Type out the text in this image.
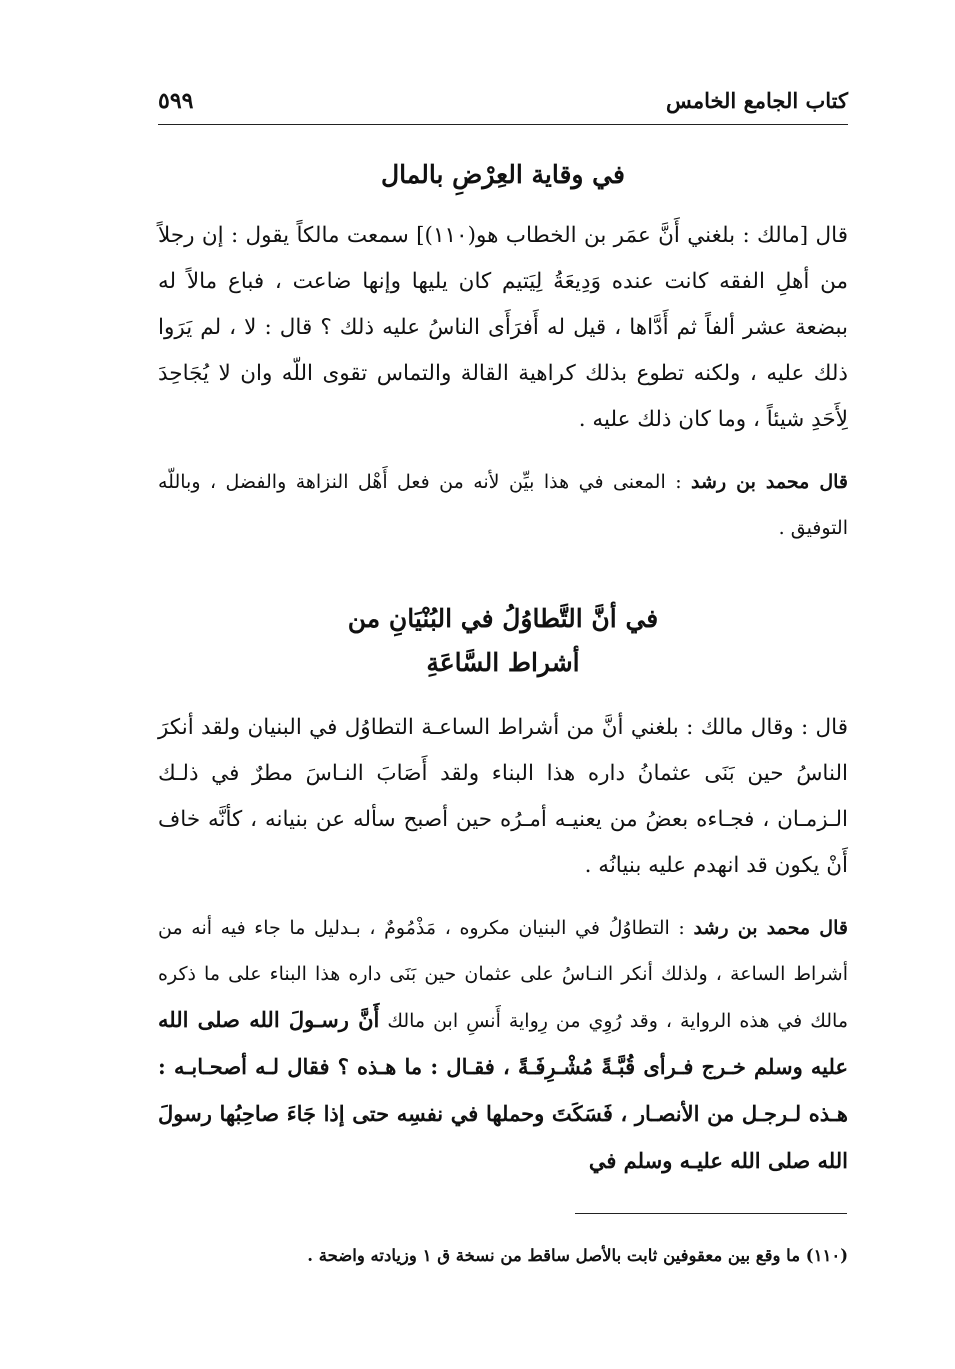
كتاب الجامع الخامس
٥٩٩
في وقاية العِرْضِ بالمال
قال [مالك : بلغني أَنَّ عمَر بن الخطاب هو(١١٠)] سمعت مالكاً يقول : إن رجلاً من أهلِ الفقه كانت عنده وَدِيعَةُ لِيَتيم كان يليها وإنها ضاعت ، فباع مالاً له ببضعة عشر ألفاً ثم أَدَّاها ، قيل له أَفرَأَى الناسُ عليه ذلك ؟ قال : لا ، لم يَرَوا ذلك عليه ، ولكنه تطوع بذلك كراهية القالة والتماس تقوى اللّه وان لا يُجَاحِدَ لِأَحَدِ شيئاً ، وما كان ذلك عليه .
قال محمد بن رشد : المعنى في هذا بيِّن لأنه من فعل أَهْل النزاهة والفضل ، وباللّه التوفيق .
في أنَّ التَّطاوُلُ في البُنْيَانِ من
أشراط السَّاعَةِ
قال : وقال مالك : بلغني أنَّ من أشراط الساعـة التطاوُل في البنيان ولقد أنكرَ الناسُ حين بَنَى عثمانُ داره هذا البناء ولقد أَصَابَ النـاسَ مطرٌ في ذلـك الـزمـان ، فجـاءه بعضُ من يعنيـه أمـرُه حين أصبح سأله عن بنيانه ، كأنَّه خاف أَنْ يكون قد انهدم عليه بنيانُه .
قال محمد بن رشد : التطاوُلُ في البنيان مكروه ، مَذْمُومٌ ، بـدليل ما جاء فيه أنه من أشراط الساعة ، ولذلك أنكر النـاسُ على عثمان حين بَنَى داره هذا البناء على ما ذكره مالك في هذه الرواية ، وقد رُوِي من رِواية أَنسِ ابن مالك أَنَّ رسـولَ الله صلى الله عليه وسلم خـرج فـرأى قُبَّـةً مُشْـرِفَـةً ، فقـال : ما هـذه ؟ فقال لـه أصحـابـه : هـذه لـرجـل من الأنصـار ، فَسَكَتَ وحملها في نفسِه حتى إذا جَاءَ صاحِبُها رسولَ الله صلى الله عليـه وسلم في
(١١٠) ما وقع بين معقوفين ثابت بالأصل ساقط من نسخة ق ١ وزيادته واضحة .
